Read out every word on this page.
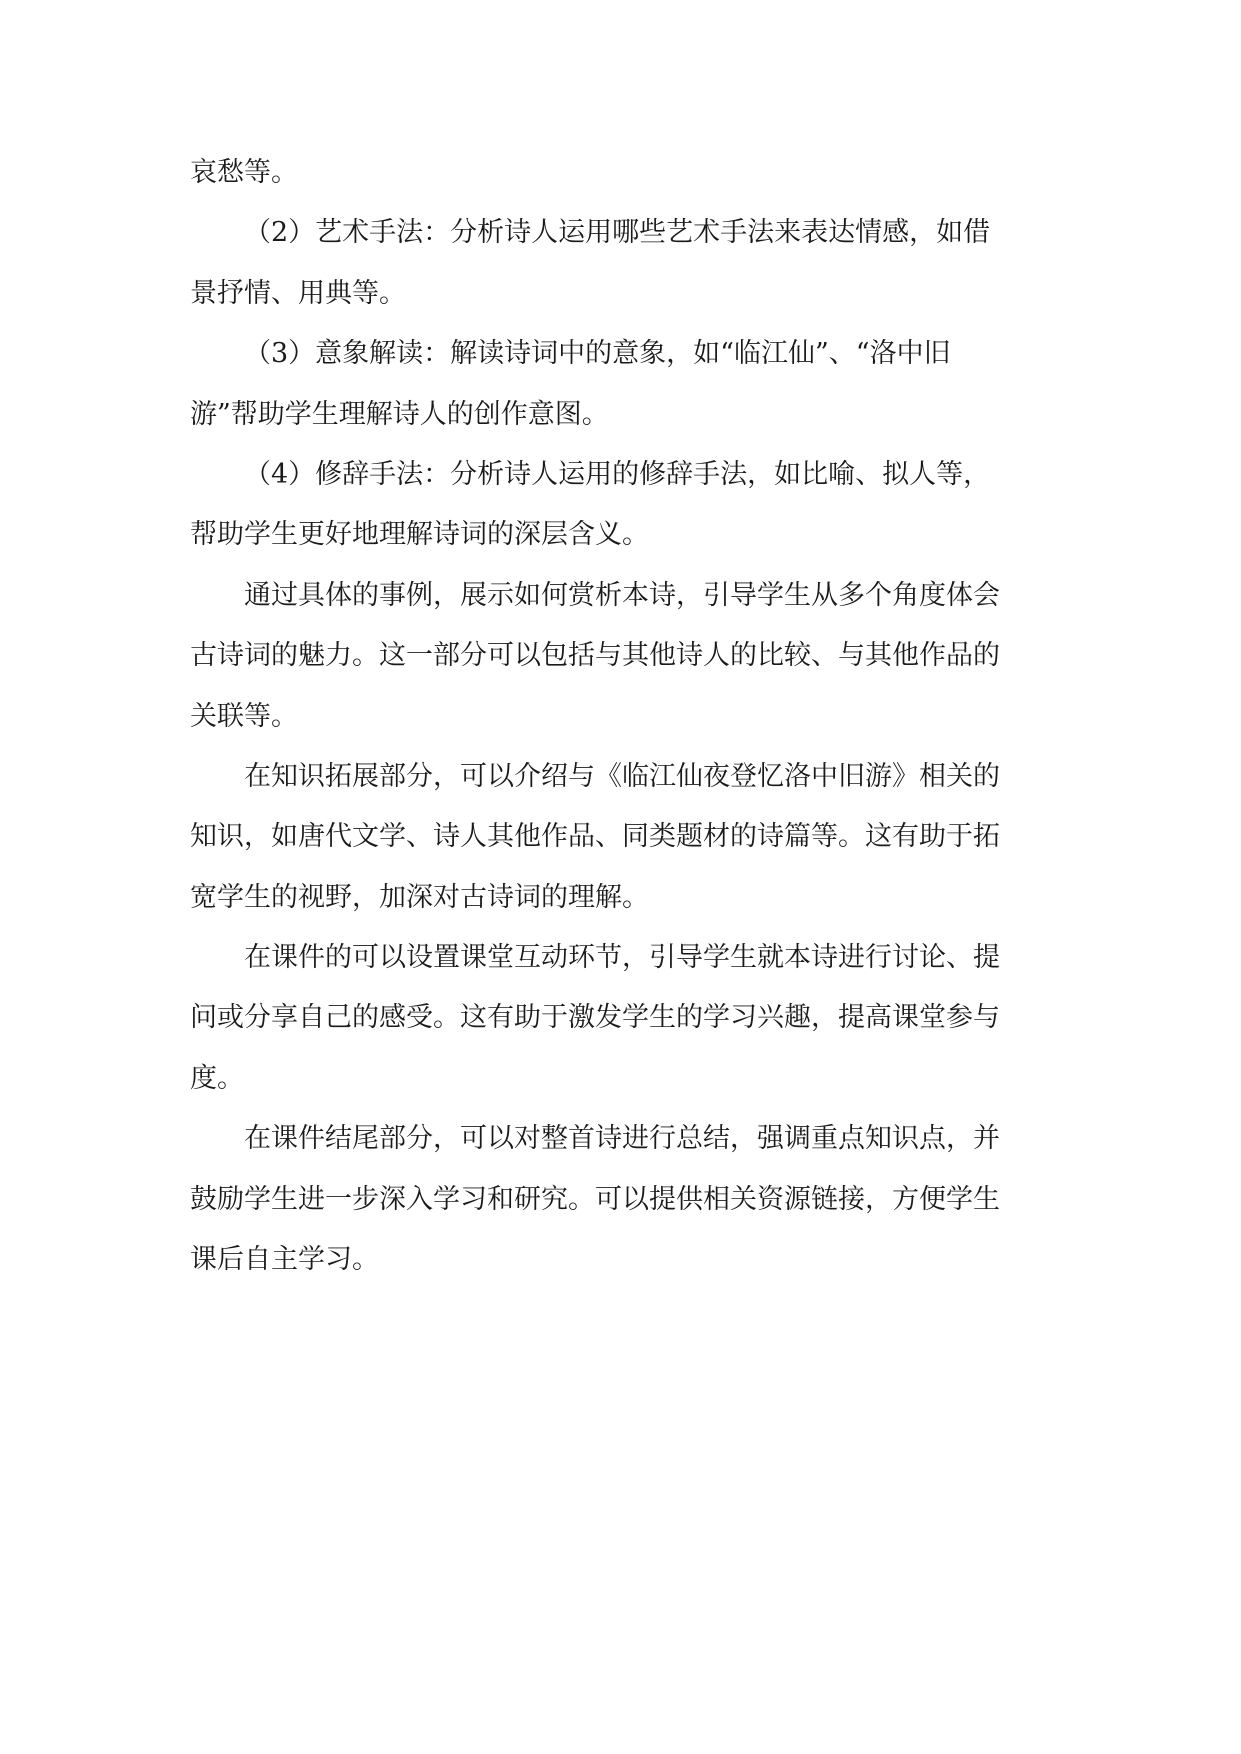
哀愁等。
（2）艺术手法：分析诗人运用哪些艺术手法来表达情感，如借
景抒情、用典等。
（3）意象解读：解读诗词中的意象，如“临江仙”、“洛中旧
游”帮助学生理解诗人的创作意图。
（4）修辞手法：分析诗人运用的修辞手法，如比喻、拟人等，
帮助学生更好地理解诗词的深层含义。
通过具体的事例，展示如何赏析本诗，引导学生从多个角度体会
古诗词的魅力。这一部分可以包括与其他诗人的比较、与其他作品的
关联等。
在知识拓展部分，可以介绍与《临江仙夜登忆洛中旧游》相关的
知识，如唐代文学、诗人其他作品、同类题材的诗篇等。这有助于拓
宽学生的视野，加深对古诗词的理解。
在课件的可以设置课堂互动环节，引导学生就本诗进行讨论、提
问或分享自己的感受。这有助于激发学生的学习兴趣，提高课堂参与
度。
在课件结尾部分，可以对整首诗进行总结，强调重点知识点，并
鼓励学生进一步深入学习和研究。可以提供相关资源链接，方便学生
课后自主学习。
